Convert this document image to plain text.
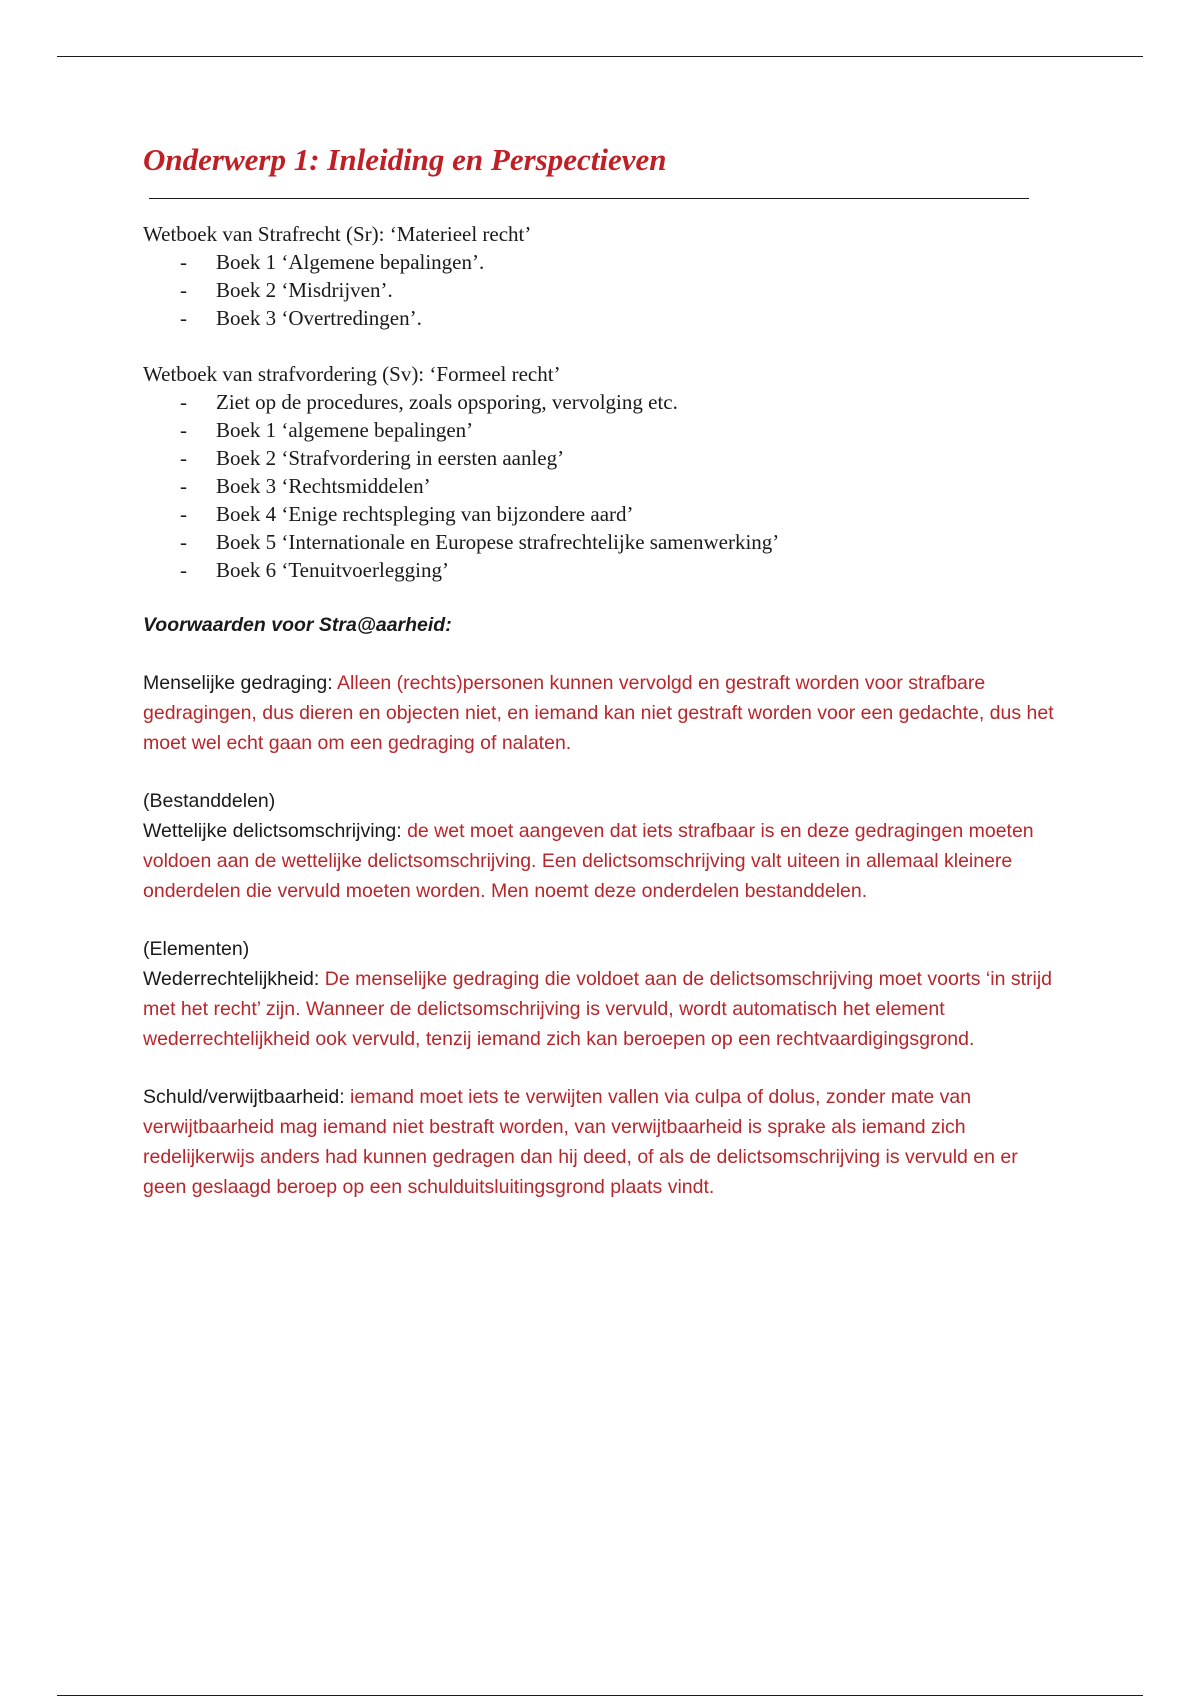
Onderwerp 1: Inleiding en Perspectieven

Wetboek van Strafrecht (Sr): ‘Materieel recht’

- Boek 1 ‘Algemene bepalingen’.
- Boek 2 ‘Misdrijven’.
- Boek 3 ‘Overtredingen’.

Wetboek van strafvordering (Sv): ‘Formeel recht’

- Ziet op de procedures, zoals opsporing, vervolging etc.
- Boek 1 ‘algemene bepalingen’
- Boek 2 ‘Strafvordering in eersten aanleg’
- Boek 3 ‘Rechtsmiddelen’
- Boek 4 ‘Enige rechtspleging van bijzondere aard’
- Boek 5 ‘Internationale en Europese strafrechtelijke samenwerking’
- Boek 6 ‘Tenuitvoerlegging’
Voorwaarden voor Stra@aarheid:

Menselijke gedraging: Alleen (rechts)personen kunnen vervolgd en gestraft worden voor strafbare gedragingen, dus dieren en objecten niet, en iemand kan niet gestraft worden voor een gedachte, dus het moet wel echt gaan om een gedraging of nalaten.

(Bestanddelen)

Wettelijke delictsomschrijving: de wet moet aangeven dat iets strafbaar is en deze gedragingen moeten voldoen aan de wettelijke delictsomschrijving. Een delictsomschrijving valt uiteen in allemaal kleinere onderdelen die vervuld moeten worden. Men noemt deze onderdelen bestanddelen.

(Elementen)

Wederrechtelijkheid: De menselijke gedraging die voldoet aan de delictsomschrijving moet voorts ‘in strijd met het recht’ zijn. Wanneer de delictsomschrijving is vervuld, wordt automatisch het element wederrechtelijkheid ook vervuld, tenzij iemand zich kan beroepen op een rechtvaardigingsgrond.

Schuld/verwijtbaarheid: iemand moet iets te verwijten vallen via culpa of dolus, zonder mate van verwijtbaarheid mag iemand niet bestraft worden, van verwijtbaarheid is sprake als iemand zich redelijkerwijs anders had kunnen gedragen dan hij deed, of als de delictsomschrijving is vervuld en er geen geslaagd beroep op een schulduitsluitingsgrond plaats vindt.
